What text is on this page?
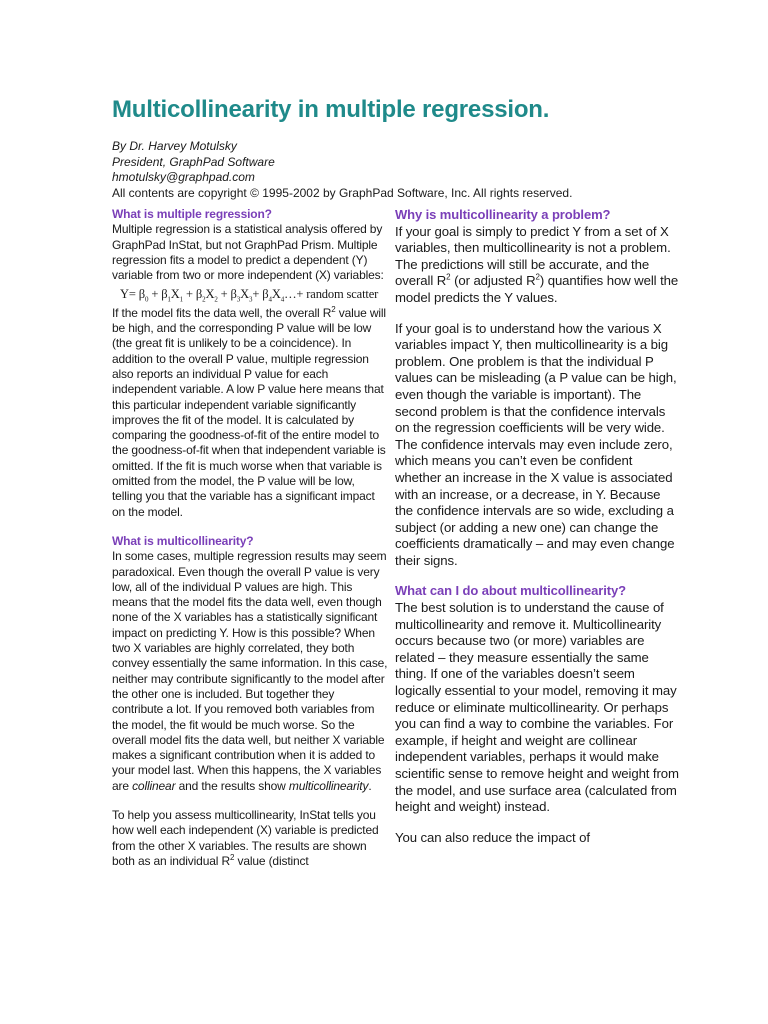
Multicollinearity in multiple regression.
By Dr. Harvey Motulsky
President, GraphPad Software
hmotulsky@graphpad.com
All contents are copyright © 1995-2002 by GraphPad Software, Inc. All rights reserved.
What is multiple regression?

Multiple regression is a statistical analysis offered by GraphPad InStat, but not GraphPad Prism. Multiple regression fits a model to predict a dependent (Y) variable from two or more independent (X) variables:

$Y= \beta_0 + \beta_1X_1 + \beta_2X_2 + \beta_3X_3+$ $\beta_4X_4\dots+$ random scatter

If the model fits the data well, the overall $R^2$ value will be high, and the corresponding P value will be low (the great fit is unlikely to be a coincidence). In addition to the overall P value, multiple regression also reports an individual P value for each independent variable. A low P value here means that this particular independent variable significantly improves the fit of the model. It is calculated by comparing the goodness-of-fit of the entire model to the goodness-of-fit when that independent variable is omitted. If the fit is much worse when that variable is omitted from the model, the P value will be low, telling you that the variable has a significant impact on the model.

What is multicollinearity?

In some cases, multiple regression results may seem paradoxical. Even though the overall P value is very low, all of the individual P values are high. This means that the model fits the data well, even though none of the X variables has a statistically significant impact on predicting Y. How is this possible? When two X variables are highly correlated, they both convey essentially the same information. In this case, neither may contribute significantly to the model after the other one is included. But together they contribute a lot. If you removed both variables from the model, the fit would be much worse. So the overall model fits the data well, but neither X variable makes a significant contribution when it is added to your model last. When this happens, the X variables are collinear and the results show multicollinearity.

To help you assess multicollinearity, InStat tells you how well each independent (X) variable is predicted from the other X variables. The results are shown both as an individual $R^2$ value (distinct

Why is multicollinearity a problem?

If your goal is simply to predict Y from a set of X variables, then multicollinearity is not a problem. The predictions will still be accurate, and the overall $R^2$ (or adjusted $R^2$) quantifies how well the model predicts the Y values.

If your goal is to understand how the various X variables impact Y, then multicollinearity is a big problem. One problem is that the individual P values can be misleading (a P value can be high, even though the variable is important). The second problem is that the confidence intervals on the regression coefficients will be very wide. The confidence intervals may even include zero, which means you can’t even be confident whether an increase in the X value is associated with an increase, or a decrease, in Y. Because the confidence intervals are so wide, excluding a subject (or adding a new one) can change the coefficients dramatically – and may even change their signs.

What can I do about multicollinearity?

The best solution is to understand the cause of multicollinearity and remove it. Multicollinearity occurs because two (or more) variables are related – they measure essentially the same thing. If one of the variables doesn’t seem logically essential to your model, removing it may reduce or eliminate multicollinearity. Or perhaps you can find a way to combine the variables. For example, if height and weight are collinear independent variables, perhaps it would make scientific sense to remove height and weight from the model, and use surface area (calculated from height and weight) instead.

You can also reduce the impact of
